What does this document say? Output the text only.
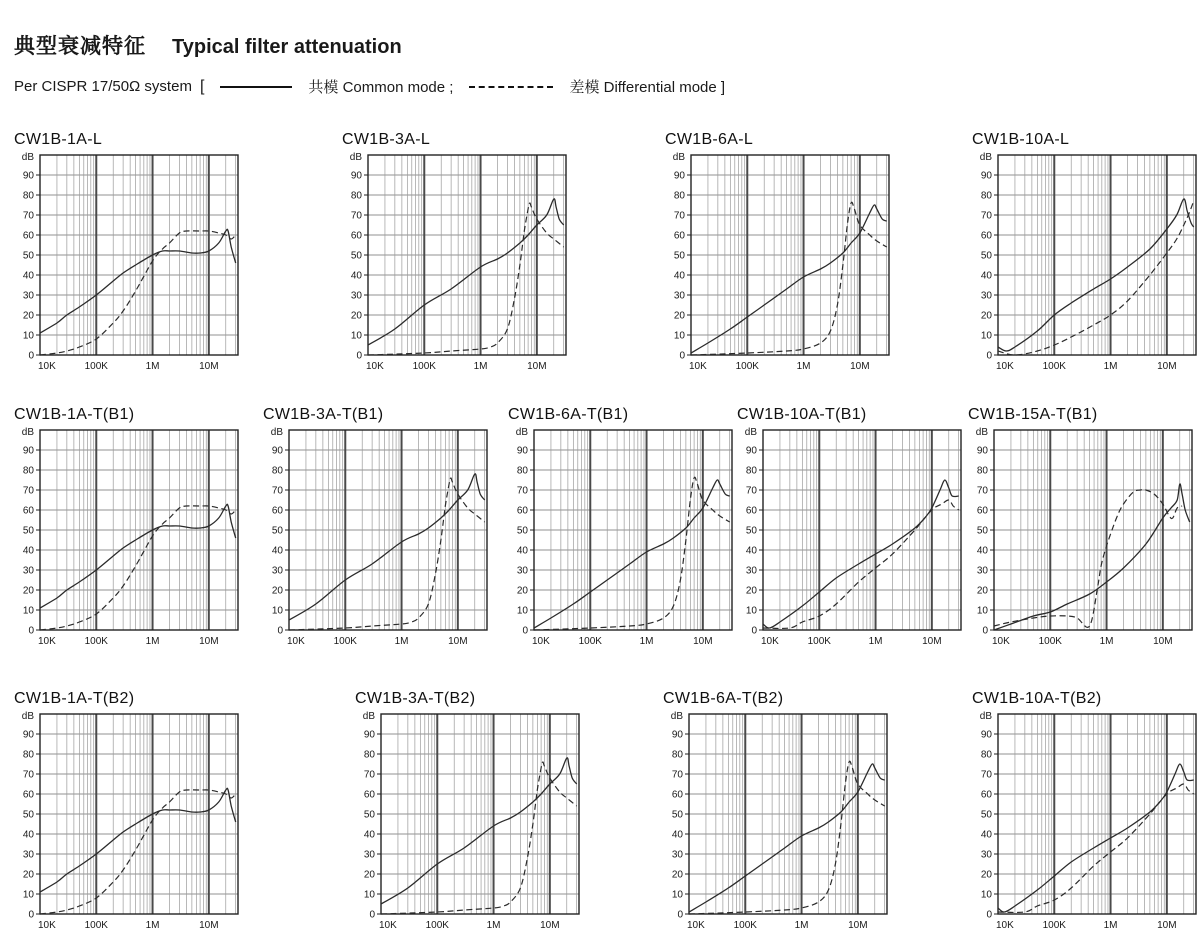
典型衰减特征 Typical filter attenuation
Per CISPR 17/50Ω system [	共模 Common mode ;	差模 Differential mode ]
CW1B-1A-L
0
10
20
30
40
50
60
70
80
90
dB
10K	100K	1M	10M
CW1B-3A-L
0
10
20
30
40
50
60
70
80
90
dB
10K	100K	1M	10M
CW1B-6A-L
0
10
20
30
40
50
60
70
80
90
dB
10K	100K	1M	10M
CW1B-10A-L
0
10
20
30
40
50
60
70
80
90
dB
10K	100K	1M	10M
CW1B-1A-T(B1)
0
10
20
30
40
50
60
70
80
90
dB
10K	100K	1M	10M
CW1B-3A-T(B1)
0
10
20
30
40
50
60
70
80
90
dB
10K	100K	1M	10M
CW1B-6A-T(B1)
0
10
20
30
40
50
60
70
80
90
dB
10K	100K	1M	10M
CW1B-10A-T(B1)
0
10
20
30
40
50
60
70
80
90
dB
10K	100K	1M	10M
CW1B-15A-T(B1)
0
10
20
30
40
50
60
70
80
90
dB
10K	100K	1M	10M
CW1B-1A-T(B2)
0
10
20
30
40
50
60
70
80
90
dB
10K	100K	1M	10M
CW1B-3A-T(B2)
0
10
20
30
40
50
60
70
80
90
dB
10K	100K	1M	10M
CW1B-6A-T(B2)
0
10
20
30
40
50
60
70
80
90
dB
10K	100K	1M	10M
CW1B-10A-T(B2)
0
10
20
30
40
50
60
70
80
90
dB
10K	100K	1M	10M
